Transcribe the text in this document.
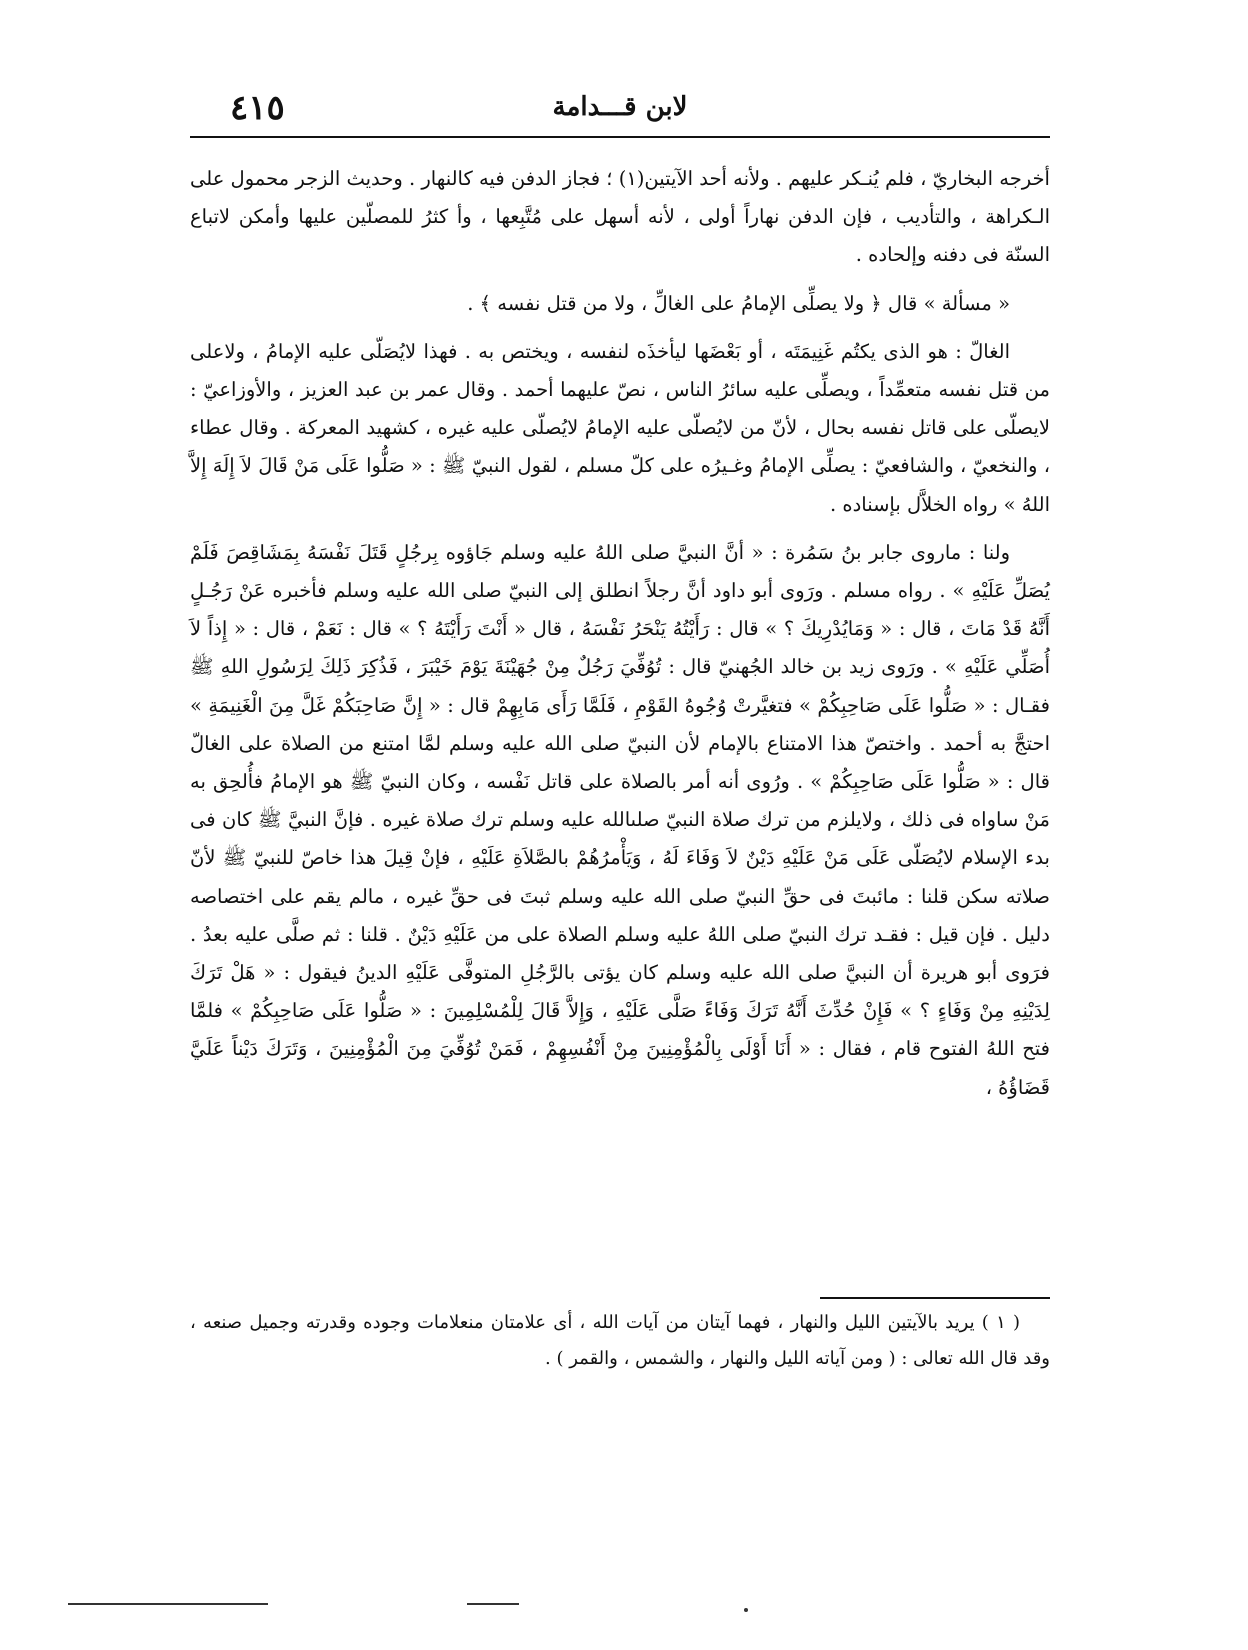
لابن قـــدامة
٤١٥

أخرجه البخاريّ ، فلم يُنـكر عليهم . ولأنه أحد الآيتين(١) ؛ فجاز الدفن فيه كالنهار . وحديث الزجر محمول على الـكراهة ، والتأديب ، فإن الدفن نهاراً أولى ، لأنه أسهل على مُتَّبِعها ، وأ كثرُ للمصلّين عليها وأمكن لاتباع السنّة فى دفنه وإلحاده .

« مسألة » قال ﴿ ولا يصلِّى الإمامُ على الغالِّ ، ولا من قتل نفسه ﴾ .

الغالّ : هو الذى يكتُم غَنِيمَتَه ، أو بَعْضَها ليأخذَه لنفسه ، ويختص به . فهذا لايُصَلّى عليه الإمامُ ، ولاعلى من قتل نفسه متعمِّداً ، ويصلِّى عليه سائرُ الناس ، نصّ عليهما أحمد . وقال عمر بن عبد العزيز ، والأوزاعيّ : لايصلّى على قاتل نفسه بحال ، لأنّ من لايُصلّى عليه الإمامُ لايُصلّى عليه غيره ، كشهيد المعركة . وقال عطاء ، والنخعيّ ، والشافعيّ : يصلِّى الإمامُ وغـيرُه على كلّ مسلم ، لقول النبيّ ﷺ : « صَلُّوا عَلَى مَنْ قَالَ لاَ إِلَهَ إِلاَّ اللهُ » رواه الخلاَّل بإسناده .

ولنا : ماروى جابر بنُ سَمُرة : « أنَّ النبيَّ صلى اللهُ عليه وسلم جَاؤوه بِرجُلٍ قَتَلَ نَفْسَهُ بِمَشَاقِصَ فَلَمْ يُصَلِّ عَلَيْهِ » . رواه مسلم . ورَوى أبو داود أنَّ رجلاً انطلق إلى النبيّ صلى الله عليه وسلم فأخبره عَنْ رَجُـلٍ أَنَّهُ قَدْ مَاتَ ، قال : « وَمَايُدْرِيكَ ؟ » قال : رَأَيْتُهُ يَنْحَرُ نَفْسَهُ ، قال « أَنْتَ رَأَيْتَهُ ؟ » قال : نَعَمْ ، قال : « إِذاً لاَ أُصَلِّي عَلَيْهِ » . ورَوى زيد بن خالد الجُهنيّ قال : تُوُفِّيَ رَجُلٌ مِنْ جُهَيْنَةَ يَوْمَ خَيْبَرَ ، فَذُكِرَ ذَلِكَ لِرَسُولِ اللهِ ﷺ فقـال : « صَلُّوا عَلَى صَاحِبِكُمْ » فتغيَّرتْ وُجُوهُ القَوْمِ ، فَلَمَّا رَأَى مَابِهِمْ قال : « إِنَّ صَاحِبَكُمْ غَلَّ مِنَ الْغَنِيمَةِ » احتجَّ به أحمد . واختصّ هذا الامتناع بالإمام لأن النبيّ صلى الله عليه وسلم لمَّا امتنع من الصلاة على الغالّ قال : « صَلُّوا عَلَى صَاحِبِكُمْ » . ورُوى أنه أمر بالصلاة على قاتل نَفْسه ، وكان النبيّ ﷺ هو الإمامُ فأُلحِق به مَنْ ساواه فى ذلك ، ولايلزم من ترك صلاة النبيّ صلىالله عليه وسلم ترك صلاة غيره . فإنَّ النبيَّ ﷺ كان فى بدء الإسلام لايُصَلّى عَلَى مَنْ عَلَيْهِ دَيْنٌ لاَ وَفَاءَ لَهُ ، وَيَأْمرُهُمْ بالصَّلاَةِ عَلَيْهِ ، فإنْ قِيلَ هذا خاصّ للنبيّ ﷺ لأنّ صلاته سكن قلنا : مائبتَ فى حقِّ النبيّ صلى الله عليه وسلم ثبتَ فى حقِّ غيره ، مالم يقم على اختصاصه دليل . فإن قيل : فقـد ترك النبيّ صلى اللهُ عليه وسلم الصلاة على من عَلَيْهِ دَيْنٌ . قلنا : ثم صلَّى عليه بعدُ . فرَوى أبو هريرة أن النبيَّ صلى الله عليه وسلم كان يؤتى بالرَّجُلِ المتوفَّى عَلَيْهِ الدينُ فيقول : « هَلْ تَرَكَ لِدَيْنِهِ مِنْ وَفَاءٍ ؟ » فَإِنْ حُدِّثَ أَنَّهُ تَرَكَ وَفَاءً صَلَّى عَلَيْهِ ، وَإِلاَّ قَالَ لِلْمُسْلِمِينَ : « صَلُّوا عَلَى صَاحِبِكُمْ » فلمَّا فتح اللهُ الفتوح قام ، فقال : « أَنَا أَوْلَى بِالْمُؤْمِنِينَ مِنْ أَنْفُسِهِمْ ، فَمَنْ تُوُفِّيَ مِنَ الْمُؤْمِنِينَ ، وَتَرَكَ دَيْناً عَلَيَّ قَضَاؤُهُ ،

( ١ ) يريد بالآيتين الليل والنهار ، فهما آيتان من آيات الله ، أى علامتان منعلامات وجوده وقدرته وجميل صنعه ، وقد قال الله تعالى : ( ومن آياته الليل والنهار ، والشمس ، والقمر ) .
